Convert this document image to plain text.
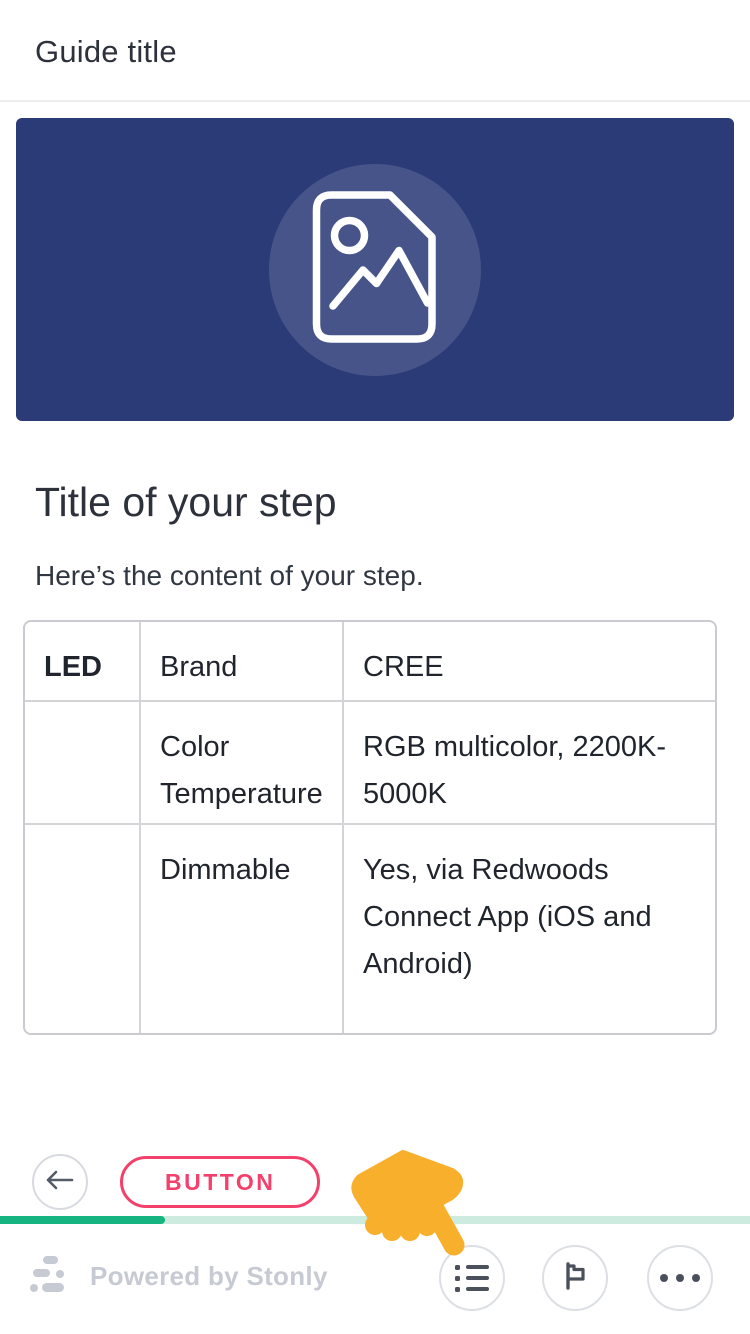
Guide title
Title of your step
Here’s the content of your step.
LED	Brand	CREE
	Color Temperature	RGB multicolor, 2200K-5000K
	Dimmable	Yes, via Redwoods Connect App (iOS and Android)
BUTTON
Powered by Stonly
